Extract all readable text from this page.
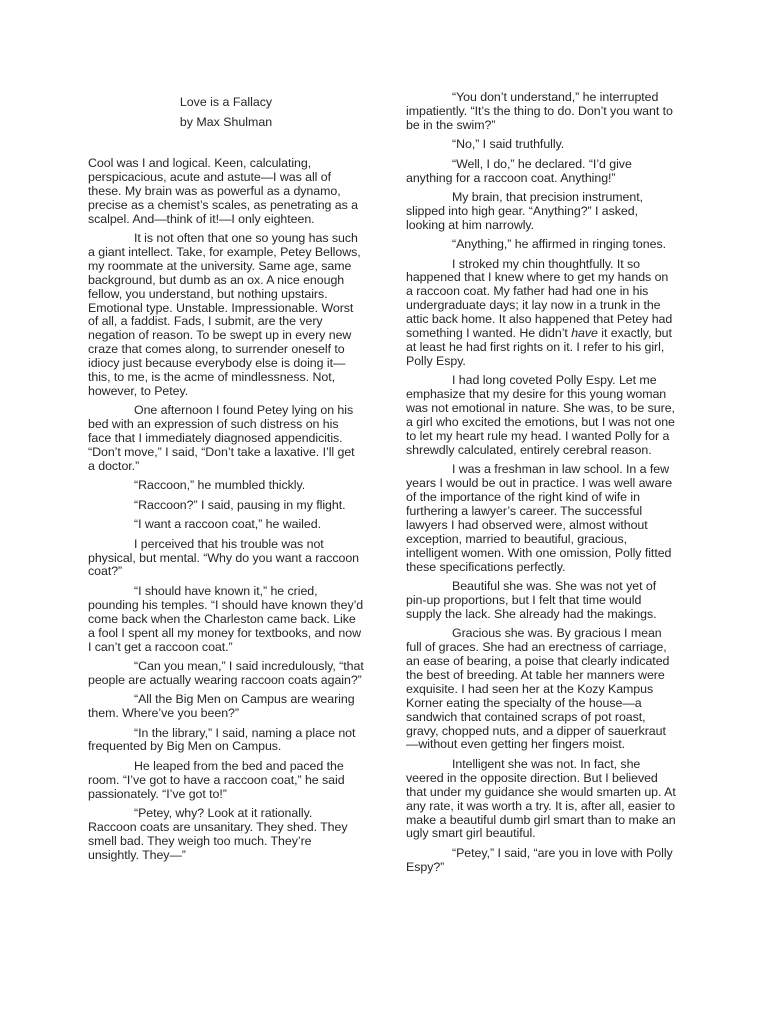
Love is a Fallacy
by Max Shulman

Cool was I and logical. Keen, calculating, perspicacious, acute and astute—I was all of these. My brain was as powerful as a dynamo, precise as a chemist’s scales, as penetrating as a scalpel. And—think of it!—I only eighteen.

It is not often that one so young has such a giant intellect. Take, for example, Petey Bellows, my roommate at the university. Same age, same background, but dumb as an ox. A nice enough fellow, you understand, but nothing upstairs. Emotional type. Unstable. Impressionable. Worst of all, a faddist. Fads, I submit, are the very negation of reason. To be swept up in every new craze that comes along, to surrender oneself to idiocy just because everybody else is doing it—this, to me, is the acme of mindlessness. Not, however, to Petey.

One afternoon I found Petey lying on his bed with an expression of such distress on his face that I immediately diagnosed appendicitis. “Don’t move,” I said, “Don’t take a laxative. I’ll get a doctor.”

“Raccoon,” he mumbled thickly.

“Raccoon?” I said, pausing in my flight.

“I want a raccoon coat,” he wailed.

I perceived that his trouble was not physical, but mental. “Why do you want a raccoon coat?”

“I should have known it,” he cried, pounding his temples. “I should have known they’d come back when the Charleston came back. Like a fool I spent all my money for textbooks, and now I can’t get a raccoon coat.”

“Can you mean,” I said incredulously, “that people are actually wearing raccoon coats again?”

“All the Big Men on Campus are wearing them. Where’ve you been?”

“In the library,” I said, naming a place not frequented by Big Men on Campus.

He leaped from the bed and paced the room. “I’ve got to have a raccoon coat,” he said passionately. “I’ve got to!”

“Petey, why? Look at it rationally. Raccoon coats are unsanitary. They shed. They smell bad. They weigh too much. They’re unsightly. They—”

“You don’t understand,” he interrupted impatiently. “It’s the thing to do. Don’t you want to be in the swim?”

“No,” I said truthfully.

“Well, I do,” he declared. “I’d give anything for a raccoon coat. Anything!”

My brain, that precision instrument, slipped into high gear. “Anything?” I asked, looking at him narrowly.

“Anything,” he affirmed in ringing tones.

I stroked my chin thoughtfully. It so happened that I knew where to get my hands on a raccoon coat. My father had had one in his undergraduate days; it lay now in a trunk in the attic back home. It also happened that Petey had something I wanted. He didn’t have it exactly, but at least he had first rights on it. I refer to his girl, Polly Espy.

I had long coveted Polly Espy. Let me emphasize that my desire for this young woman was not emotional in nature. She was, to be sure, a girl who excited the emotions, but I was not one to let my heart rule my head. I wanted Polly for a shrewdly calculated, entirely cerebral reason.

I was a freshman in law school. In a few years I would be out in practice. I was well aware of the importance of the right kind of wife in furthering a lawyer’s career. The successful lawyers I had observed were, almost without exception, married to beautiful, gracious, intelligent women. With one omission, Polly fitted these specifications perfectly.

Beautiful she was. She was not yet of pin-up proportions, but I felt that time would supply the lack. She already had the makings.

Gracious she was. By gracious I mean full of graces. She had an erectness of carriage, an ease of bearing, a poise that clearly indicated the best of breeding. At table her manners were exquisite. I had seen her at the Kozy Kampus Korner eating the specialty of the house—a sandwich that contained scraps of pot roast, gravy, chopped nuts, and a dipper of sauerkraut—without even getting her fingers moist.

Intelligent she was not. In fact, she veered in the opposite direction. But I believed that under my guidance she would smarten up. At any rate, it was worth a try. It is, after all, easier to make a beautiful dumb girl smart than to make an ugly smart girl beautiful.

“Petey,” I said, “are you in love with Polly Espy?”
